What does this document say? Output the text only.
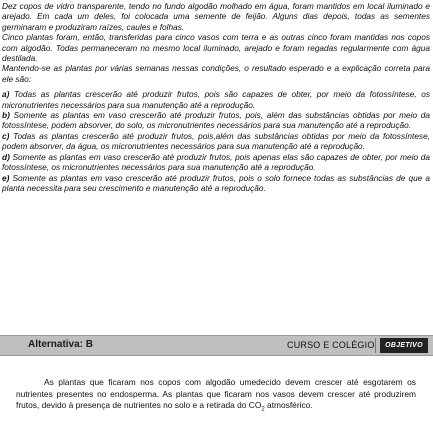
Dez copos de vidro transparente, tendo no fundo algodão molhado em água, foram mantidos em local iluminado e arejado. Em cada um deles, foi colocada uma semente de feijão. Alguns dias depois, todas as sementes germinaram e produziram raízes, caules e folhas.

Cinco plantas foram, então, transferidas para cinco vasos com terra e as outras cinco foram mantidas nos copos com algodão. Todas permaneceram no mesmo local iluminado, arejado e foram regadas regularmente com água destilada.

Mantendo-se as plantas por várias semanas nessas condições, o resultado esperado e a explicação correta para ele são:

a) Todas as plantas crescerão até produzir frutos, pois são capazes de obter, por meio da fotossíntese, os micronutrientes necessários para sua manutenção até a reprodução.

b) Somente as plantas em vaso crescerão até produzir frutos, pois, além das substâncias obtidas por meio da fotossíntese, podem absorver, do solo, os micronutrientes necessários para sua manutenção até a reprodução.

c) Todas as plantas crescerão até produzir frutos, pois,além das substâncias obtidas por meio da fotossíntese, podem absorver, da água, os micronutrientes necessários para sua manutenção até a reprodução.

d) Somente as plantas em vaso crescerão até produzir frutos, pois apenas elas são capazes de obter, por meio da fotossíntese, os micronutrientes necessários para sua manutenção até a reprodução.

e) Somente as plantas em vaso crescerão até produzir frutos, pois o solo fornece todas as substâncias de que a planta necessita para seu crescimento e manutenção até a reprodução.

Alternativa: B	CURSO E COLÉGIO	OBJETIVO

As plantas que ficaram nos copos com algodão umedecido devem crescer até esgotarem os nutrientes presentes no endosperma. As plantas que ficaram nos vasos devem crescer até produzirem frutos, devido à presença de nutrientes no solo e a retirada do $CO_2$ atmosférico.
